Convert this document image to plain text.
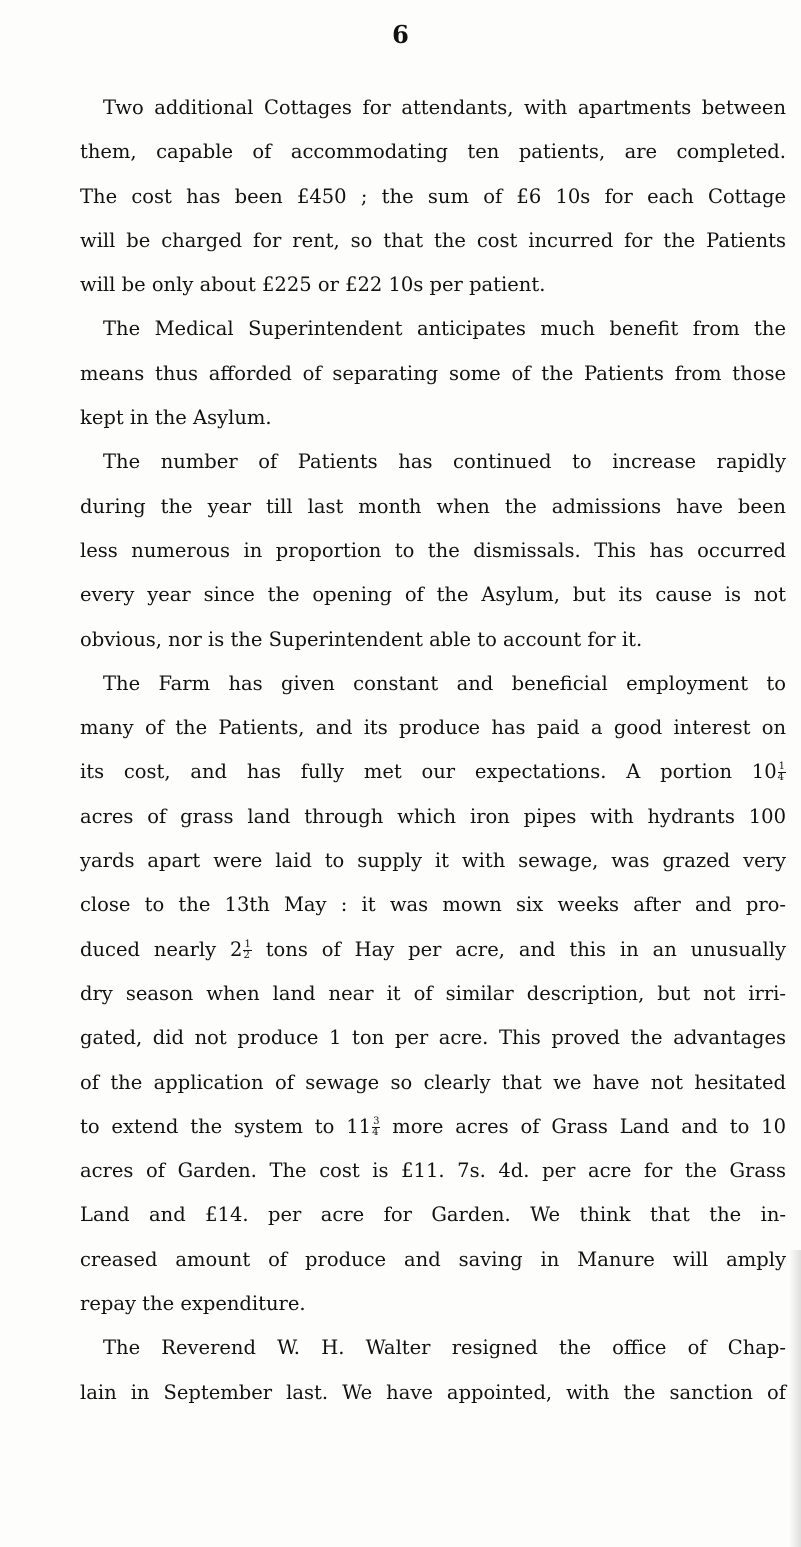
6
Two additional Cottages for attendants, with apartments between
them, capable of accommodating ten patients, are completed.
The cost has been £450 ; the sum of £6 10s for each Cottage
will be charged for rent, so that the cost incurred for the Patients
will be only about £225 or £22 10s per patient.
The Medical Superintendent anticipates much benefit from the
means thus afforded of separating some of the Patients from those
kept in the Asylum.
The number of Patients has continued to increase rapidly
during the year till last month when the admissions have been
less numerous in proportion to the dismissals. This has occurred
every year since the opening of the Asylum, but its cause is not
obvious, nor is the Superintendent able to account for it.
The Farm has given constant and beneficial employment to
many of the Patients, and its produce has paid a good interest on
its cost, and has fully met our expectations. A portion $10 \frac{1}{4}$
acres of grass land through which iron pipes with hydrants 100
yards apart were laid to supply it with sewage, was grazed very
close to the 13th May : it was mown six weeks after and pro-
duced nearly $2 \frac{1}{2}$ tons of Hay per acre, and this in an unusually
dry season when land near it of similar description, but not irri-
gated, did not produce 1 ton per acre. This proved the advantages
of the application of sewage so clearly that we have not hesitated
to extend the system to $11 \frac{3}{4}$ more acres of Grass Land and to 10
acres of Garden. The cost is £11. 7s. 4d. per acre for the Grass
Land and £14. per acre for Garden. We think that the in-
creased amount of produce and saving in Manure will amply
repay the expenditure.
The Reverend W. H. Walter resigned the office of Chap-
lain in September last. We have appointed, with the sanction of
